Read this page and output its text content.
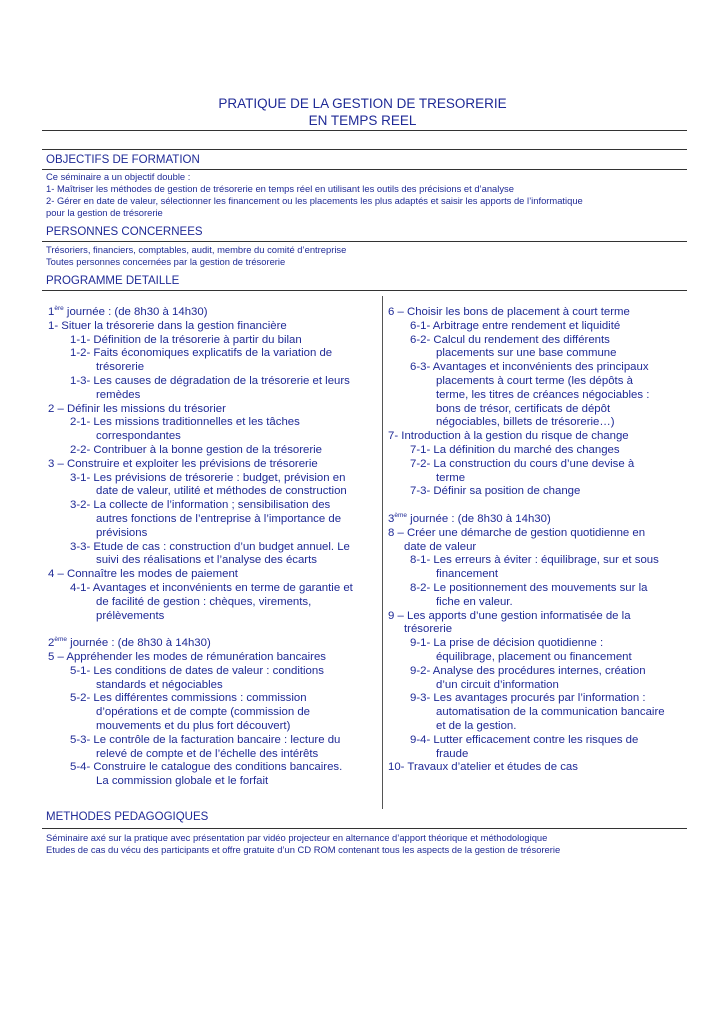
PRATIQUE DE LA GESTION DE TRESORERIE
EN TEMPS REEL
OBJECTIFS DE FORMATION
Ce séminaire a un objectif double :
1- Maîtriser les méthodes de gestion de trésorerie en temps réel en utilisant les outils des précisions et d’analyse
2- Gérer en date de valeur, sélectionner les financement ou les placements les plus adaptés et saisir les apports de l’informatique
pour la gestion de trésorerie
PERSONNES CONCERNEES
Trésoriers, financiers, comptables, audit, membre du comité d’entreprise
Toutes personnes concernées par la gestion de trésorerie
PROGRAMME DETAILLE
1ère journée : (de 8h30 à 14h30)
1- Situer la trésorerie dans la gestion financière
1-1- Définition de la trésorerie à partir du bilan
1-2- Faits économiques explicatifs de la variation de
trésorerie
1-3- Les causes de dégradation de la trésorerie et leurs
remèdes
2 – Définir les missions du trésorier
2-1- Les missions traditionnelles et les tâches
correspondantes
2-2- Contribuer à la bonne gestion de la trésorerie
3 – Construire et exploiter les prévisions de trésorerie
3-1- Les prévisions de trésorerie : budget, prévision en
date de valeur, utilité et méthodes de construction
3-2- La collecte de l’information ; sensibilisation des
autres fonctions de l’entreprise à l’importance de
prévisions
3-3- Etude de cas : construction d’un budget annuel. Le
suivi des réalisations et l’analyse des écarts
4 – Connaître les modes de paiement
4-1- Avantages et inconvénients en terme de garantie et
de facilité de gestion : chèques, virements,
prélèvements
2ème journée : (de 8h30 à 14h30)
5 – Appréhender les modes de rémunération bancaires
5-1- Les conditions de dates de valeur : conditions
standards et négociables
5-2- Les différentes commissions : commission
d’opérations et de compte (commission de
mouvements et du plus fort découvert)
5-3- Le contrôle de la facturation bancaire : lecture du
relevé de compte et de l’échelle des intérêts
5-4- Construire le catalogue des conditions bancaires.
La commission globale et le forfait
6 – Choisir les bons de placement à court terme
6-1- Arbitrage entre rendement et liquidité
6-2- Calcul du rendement des différents
placements sur une base commune
6-3- Avantages et inconvénients des principaux
placements à court terme (les dépôts à
terme, les titres de créances négociables :
bons de trésor, certificats de dépôt
négociables, billets de trésorerie…)
7- Introduction à la gestion du risque de change
7-1- La définition du marché des changes
7-2- La construction du cours d’une devise à
terme
7-3- Définir sa position de change
3ème journée : (de 8h30 à 14h30)
8 – Créer une démarche de gestion quotidienne en
date de valeur
8-1- Les erreurs à éviter : équilibrage, sur et sous
financement
8-2- Le positionnement des mouvements sur la
fiche en valeur.
9 – Les apports d’une gestion informatisée de la
trésorerie
9-1- La prise de décision quotidienne :
équilibrage, placement ou financement
9-2- Analyse des procédures internes, création
d’un circuit d’information
9-3- Les avantages procurés par l’information :
automatisation de la communication bancaire
et de la gestion.
9-4- Lutter efficacement contre les risques de
fraude
10- Travaux d’atelier et études de cas
METHODES PEDAGOGIQUES
Séminaire axé sur la pratique avec présentation par vidéo projecteur en alternance d’apport théorique et méthodologique
Etudes de cas du vécu des participants et offre gratuite d’un CD ROM contenant tous les aspects de la gestion de trésorerie
